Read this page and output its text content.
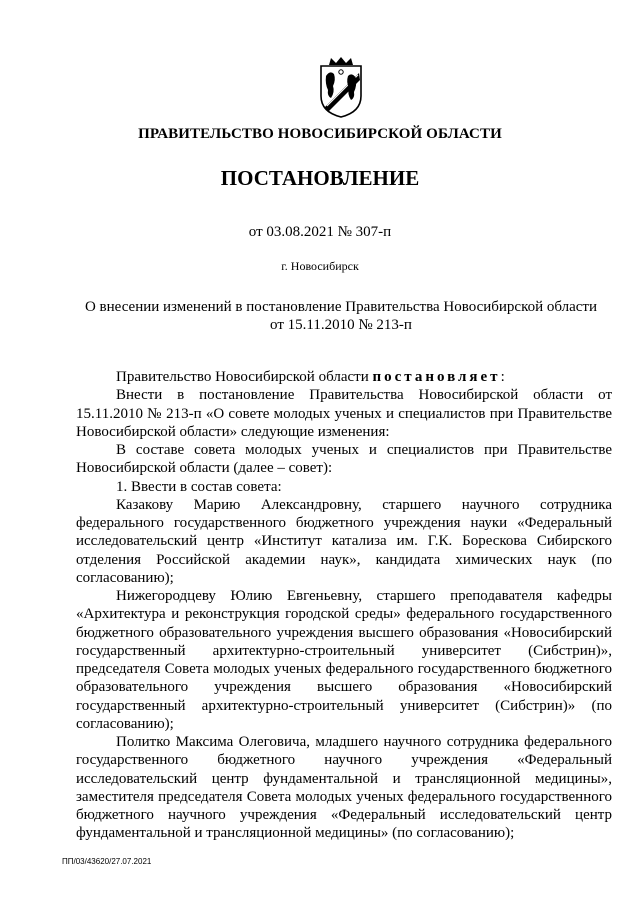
ПРАВИТЕЛЬСТВО НОВОСИБИРСКОЙ ОБЛАСТИ
ПОСТАНОВЛЕНИЕ
от 03.08.2021 № 307-п
г. Новосибирск
О внесении изменений в постановление Правительства Новосибирской области
от 15.11.2010 № 213-п

Правительство Новосибирской области постановляет:

Внести в постановление Правительства Новосибирской области от 15.11.2010 № 213-п «О совете молодых ученых и специалистов при Правительстве Новосибирской области» следующие изменения:

В составе совета молодых ученых и специалистов при Правительстве Новосибирской области (далее – совет):

1. Ввести в состав совета:

Казакову Марию Александровну, старшего научного сотрудника федерального государственного бюджетного учреждения науки «Федеральный исследовательский центр «Институт катализа им. Г.К. Борескова Сибирского отделения Российской академии наук», кандидата химических наук (по согласованию);

Нижегородцеву Юлию Евгеньевну, старшего преподавателя кафедры «Архитектура и реконструкция городской среды» федерального государственного бюджетного образовательного учреждения высшего образования «Новосибирский государственный архитектурно-строительный университет (Сибстрин)», председателя Совета молодых ученых федерального государственного бюджетного образовательного учреждения высшего образования «Новосибирский государственный архитектурно-строительный университет (Сибстрин)» (по согласованию);

Политко Максима Олеговича, младшего научного сотрудника федерального государственного бюджетного научного учреждения «Федеральный исследовательский центр фундаментальной и трансляционной медицины», заместителя председателя Совета молодых ученых федерального государственного бюджетного научного учреждения «Федеральный исследовательский центр фундаментальной и трансляционной медицины» (по согласованию);

ПП/03/43620/27.07.2021
